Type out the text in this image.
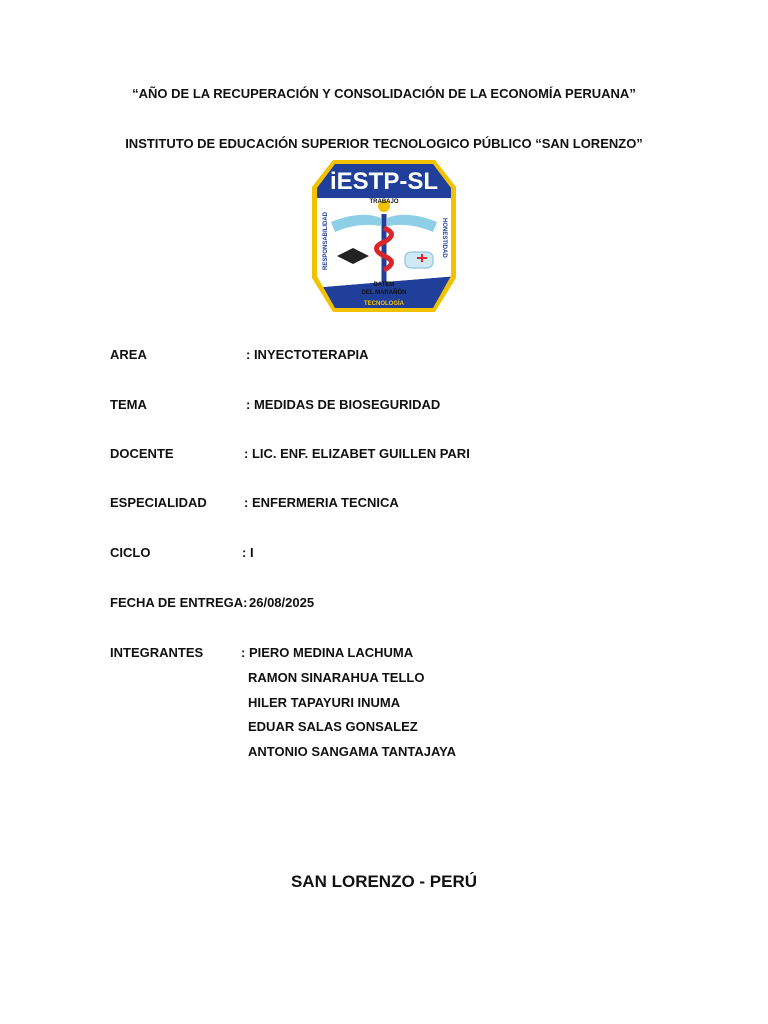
“AÑO DE LA RECUPERACIÓN Y CONSOLIDACIÓN DE LA ECONOMÍA PERUANA”
INSTITUTO DE EDUCACIÓN SUPERIOR TECNOLOGICO PÚBLICO “SAN LORENZO”
iESTP-SL
TRABAJO
RESPONSABILIDAD	HONESTIDAD
DATEM
DEL MARAÑÓN
TECNOLOGÍA
AREA	: INYECTOTERAPIA
TEMA	: MEDIDAS DE BIOSEGURIDAD
DOCENTE	: LIC. ENF. ELIZABET GUILLEN PARI
ESPECIALIDAD	: ENFERMERIA TECNICA
CICLO	: I
FECHA DE ENTREGA: 26/08/2025
INTEGRANTES	: PIERO MEDINA LACHUMA
RAMON SINARAHUA TELLO
HILER TAPAYURI INUMA
EDUAR SALAS GONSALEZ
ANTONIO SANGAMA TANTAJAYA
SAN LORENZO - PERÚ
